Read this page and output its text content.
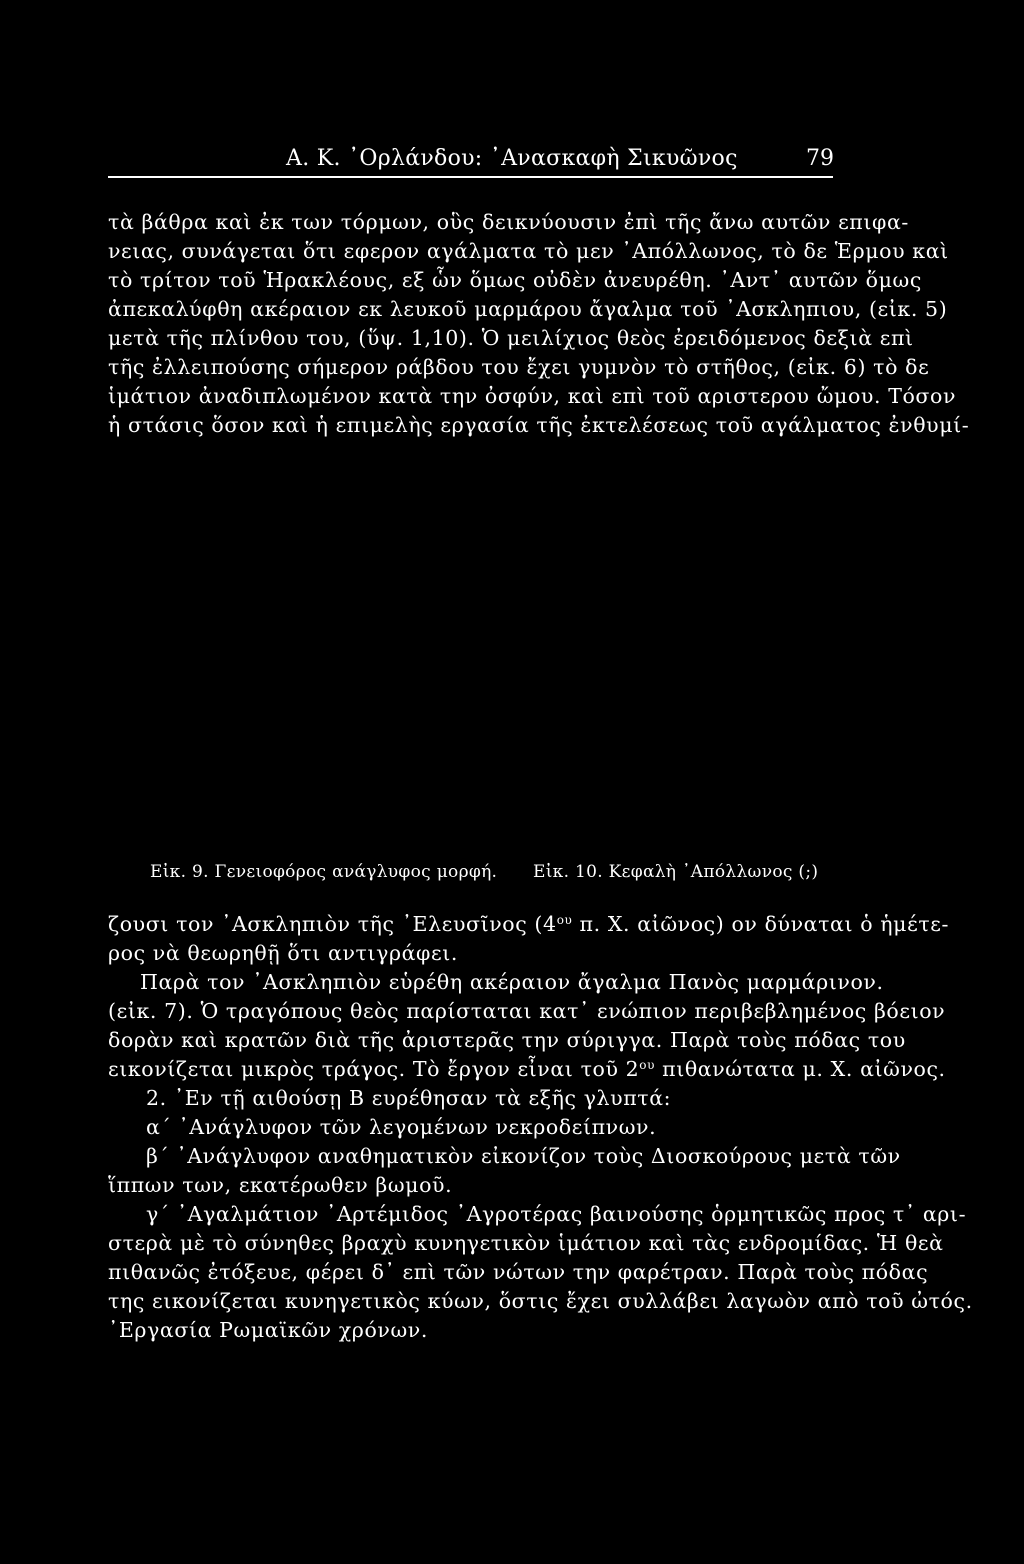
Α. Κ. ᾿Ορλάνδου: ᾿Ανασκαφὴ Σικυῶνος	79
τὰ βάθρα καὶ ἐκ των τόρμων, οὓς δεικνύουσιν ἐπὶ τῆς ἄνω αυτῶν επιφα-
νειας, συνάγεται ὅτι εφερον αγάλματα τὸ μεν ᾿Απόλλωνος, τὸ δε Ἑρμου καὶ
τὸ τρίτον τοῦ Ἡρακλέους, εξ ὧν ὅμως οὐδὲν ἀνευρέθη. ᾿Αντ᾽ αυτῶν ὅμως
ἀπεκαλύφθη ακέραιον εκ λευκοῦ μαρμάρου ἄγαλμα τοῦ ᾿Ασκληπιου, (εἰκ. 5)
μετὰ τῆς πλίνθου του, (ὕψ. 1,10). Ὁ μειλίχιος θεὸς ἐρειδόμενος δεξιὰ επὶ
τῆς ἐλλειπούσης σήμερον ράβδου του ἔχει γυμνὸν τὸ στῆθος, (εἰκ. 6) τὸ δε
ἱμάτιον ἀναδιπλωμένον κατὰ την ὀσφύν, καὶ επὶ τοῦ αριστερου ὤμου. Τόσον
ἡ στάσις ὅσον καὶ ἡ επιμελὴς εργασία τῆς ἐκτελέσεως τοῦ αγάλματος ἐνθυμί-
Εἰκ. 9. Γενειοφόρος ανάγλυφος μορφή. Εἰκ. 10. Κεφαλὴ ᾿Απόλλωνος (;)
ζουσι τον ᾿Ασκληπιὸν τῆς ᾿Ελευσῖνος ($4^{o\upsilon}$ π. Χ. αἰῶνος) ον δύναται ὁ ἡμέτε-
ρος νὰ θεωρηθῇ ὅτι αντιγράφει.
Παρὰ τον ᾿Ασκληπιὸν εὑρέθη ακέραιον ἄγαλμα Πανὸς μαρμάρινον.
(εἰκ. 7). Ὁ τραγόπους θεὸς παρίσταται κατ᾽ ενώπιον περιβεβλημένος βόειον
δορὰν καὶ κρατῶν διὰ τῆς ἀριστερᾶς την σύριγγα. Παρὰ τοὺς πόδας του
εικονίζεται μικρὸς τράγος. Τὸ ἔργον εἶναι τοῦ $2^{o\upsilon}$ πιθανώτατα μ. Χ. αἰῶνος.
2. ᾿Εν τῇ αιθούσῃ Β ευρέθησαν τὰ εξῆς γλυπτά:
α΄ ᾿Ανάγλυφον τῶν λεγομένων νεκροδείπνων.
β΄ ᾿Ανάγλυφον αναθηματικὸν εἰκονίζον τοὺς Διοσκούρους μετὰ τῶν
ἵππων των, εκατέρωθεν βωμοῦ.
γ΄ ᾿Αγαλμάτιον ᾿Αρτέμιδος ᾿Αγροτέρας βαινούσης ὁρμητικῶς προς τ᾽ αρι-
στερὰ μὲ τὸ σύνηθες βραχὺ κυνηγετικὸν ἱμάτιον καὶ τὰς ενδρομίδας. Ἡ θεὰ
πιθανῶς ἐτόξευε, φέρει δ᾽ επὶ τῶν νώτων την φαρέτραν. Παρὰ τοὺς πόδας
της εικονίζεται κυνηγετικὸς κύων, ὅστις ἔχει συλλάβει λαγωὸν απὸ τοῦ ὠτός.
᾿Εργασία Ρωμαϊκῶν χρόνων.
